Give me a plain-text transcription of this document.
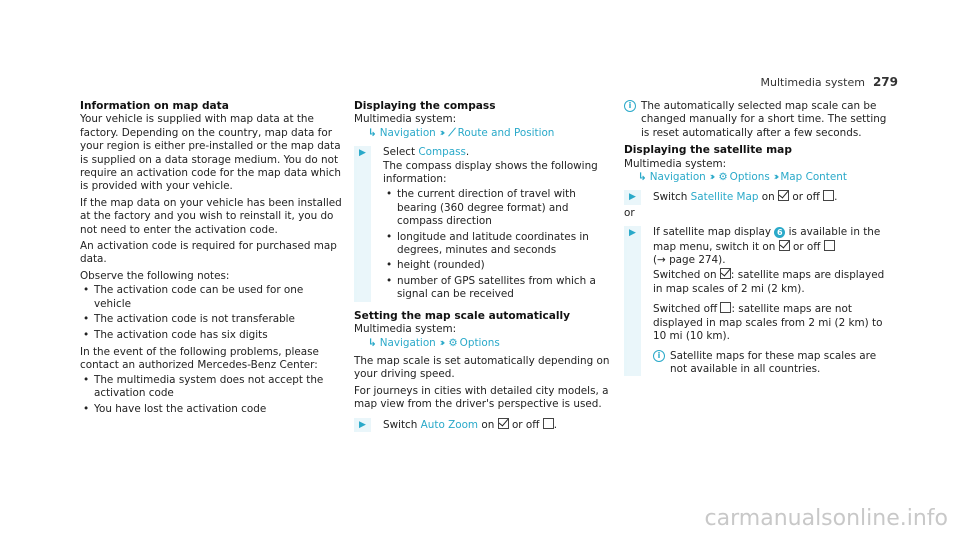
Multimedia system 279
Information on map data

Your vehicle is supplied with map data at the factory. Depending on the country, map data for your region is either pre-installed or the map data is supplied on a data storage medium. You do not require an activation code for the map data which is provided with your vehicle.

If the map data on your vehicle has been installed at the factory and you wish to reinstall it, you do not need to enter the activation code.

An activation code is required for purchased map data.

Observe the following notes:

• The activation code can be used for one vehicle
• The activation code is not transferable
• The activation code has six digits

In the event of the following problems, please contact an authorized Mercedes-Benz Center:

• The multimedia system does not accept the activation code
• You have lost the activation code
Displaying the compass
Multimedia system:
↳ Navigation ›› ⟋ Route and Position
▶ Select Compass.
The compass display shows the following information:
• the current direction of travel with bearing (360 degree format) and compass direction
• longitude and latitude coordinates in degrees, minutes and seconds
• height (rounded)
• number of GPS satellites from which a signal can be received
Setting the map scale automatically
Multimedia system:
↳ Navigation ›› ⚙ Options

The map scale is set automatically depending on your driving speed.

For journeys in cities with detailed city models, a map view from the driver's perspective is used.

▶ Switch Auto Zoom on or off .
i The automatically selected map scale can be changed manually for a short time. The setting is reset automatically after a few seconds.
Displaying the satellite map
Multimedia system:
↳ Navigation ›› ⚙ Options ›› Map Content
▶ Switch Satellite Map on or off .
or
▶ If satellite map display 6 is available in the map menu, switch it on or off
(→ page 274).
Switched on : satellite maps are displayed in map scales of 2 mi (2 km).
Switched off : satellite maps are not displayed in map scales from 2 mi (2 km) to 10 mi (10 km).
i Satellite maps for these map scales are not available in all countries.
carmanualsonline.info
